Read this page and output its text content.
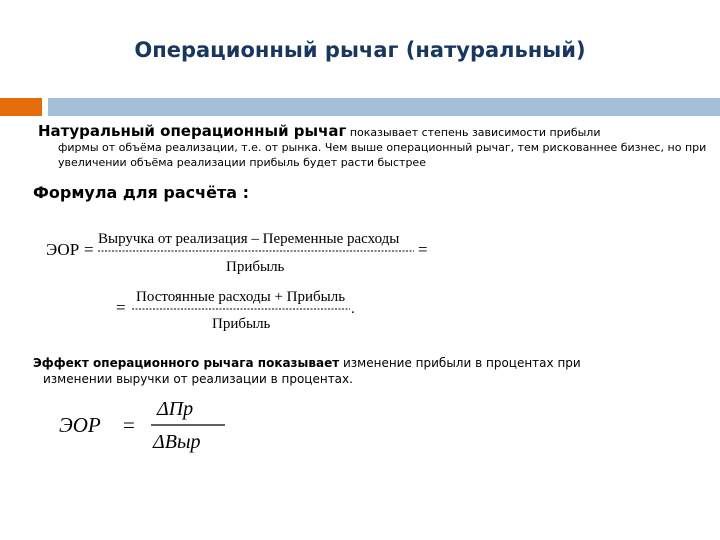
Операционный рычаг (натуральный)
Натуральный операционный рычаг показывает степень зависимости прибыли
фирмы от объёма реализации, т.е. от рынка. Чем выше операционный рычаг, тем рискованнее бизнес, но при увеличении объёма реализации прибыль будет расти быстрее
Формула для расчёта :
ЭОР =
Выручка от реализация – Переменные расходы
Прибыль
=
=
Постоянные расходы + Прибыль
.
Прибыль
Эффект операционного рычага показывает изменение прибыли в процентах при
изменении выручки от реализации в процентах.
ЭОР =
ΔПр
ΔВыр
